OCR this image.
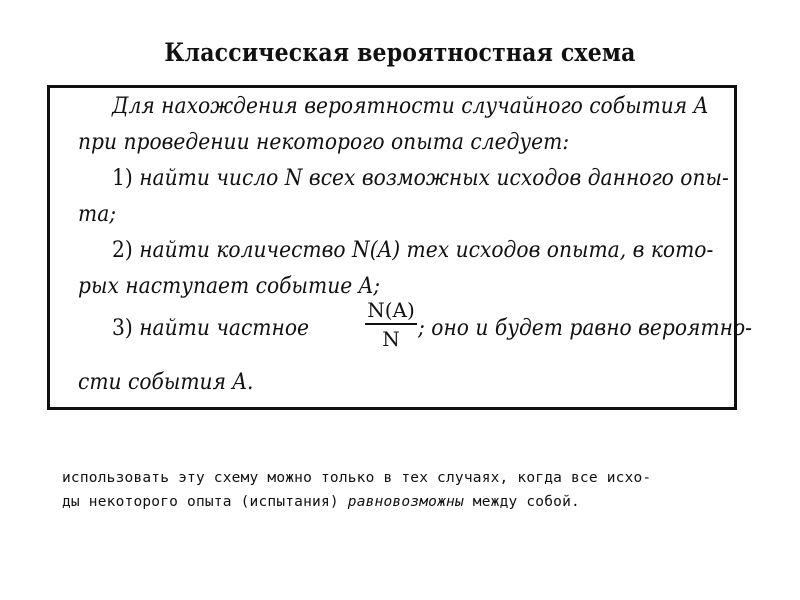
Классическая вероятностная схема
Для нахождения вероятности случайного события A
при проведении некоторого опыта следует:
1) найти число N всех возможных исходов данного опы-
та;
2) найти количество N(A) тех исходов опыта, в кото-
рых наступает событие A;
3) найти частное
N(A)
N ; оно и будет равно вероятно-
сти события A.
использовать эту схему можно только в тех случаях, когда все исхо-
ды некоторого опыта (испытания) равновозможны между собой.
